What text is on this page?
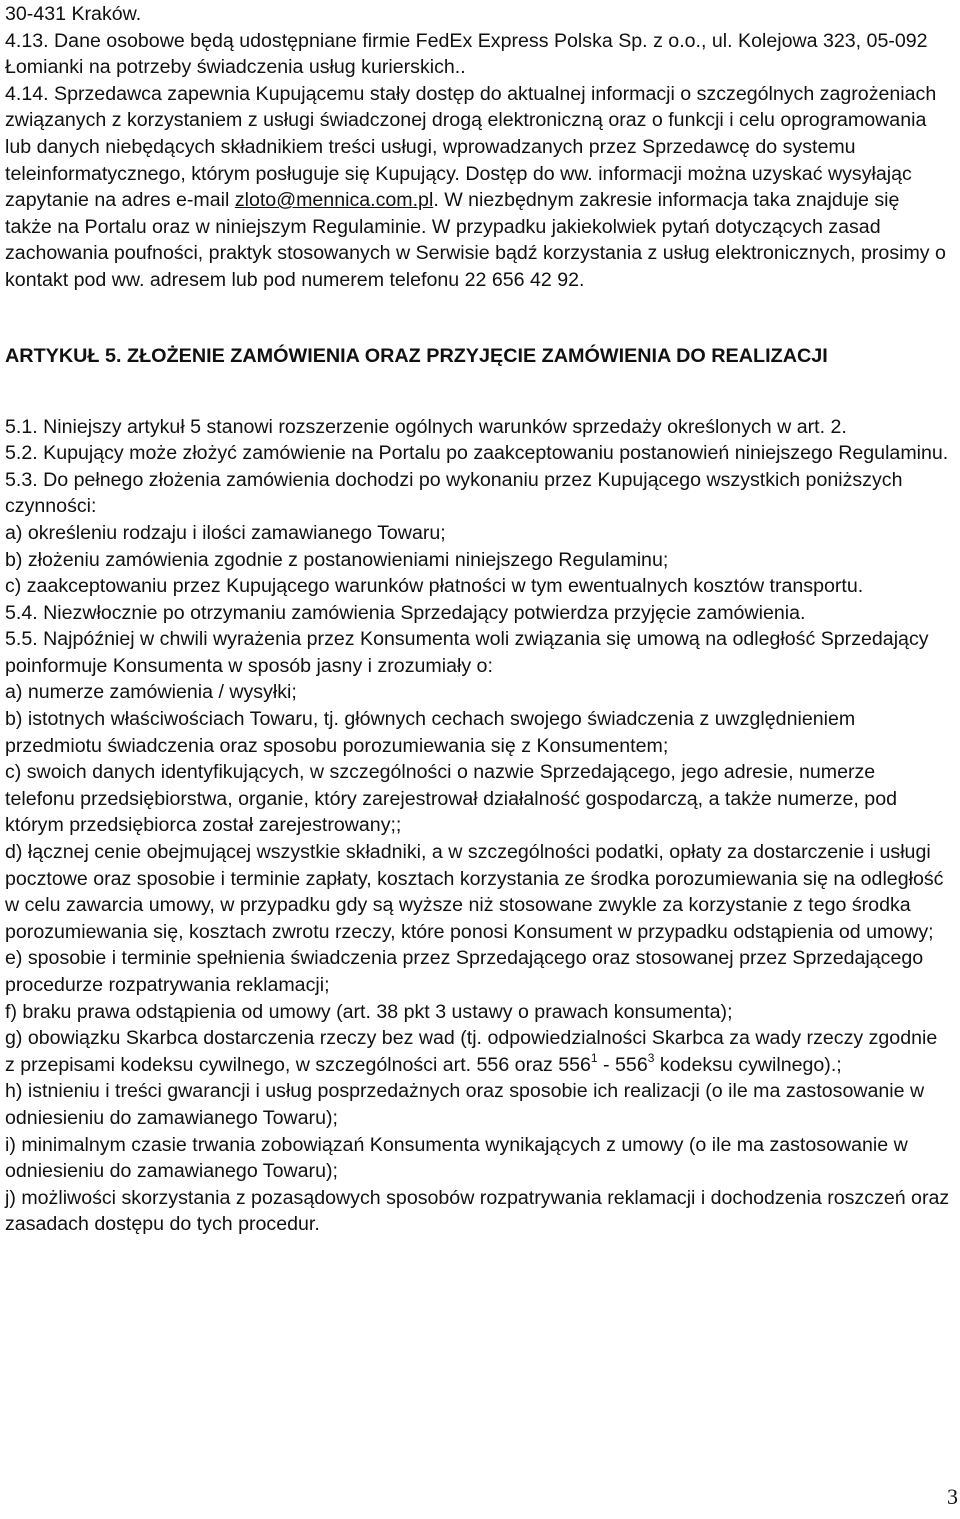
30-431 Kraków.

4.13. Dane osobowe będą udostępniane firmie FedEx Express Polska Sp. z o.o., ul. Kolejowa 323, 05-092 Łomianki na potrzeby świadczenia usług kurierskich..

4.14. Sprzedawca zapewnia Kupującemu stały dostęp do aktualnej informacji o szczególnych zagrożeniach związanych z korzystaniem z usługi świadczonej drogą elektroniczną oraz o funkcji i celu oprogramowania lub danych niebędących składnikiem treści usługi, wprowadzanych przez Sprzedawcę do systemu teleinformatycznego, którym posługuje się Kupujący. Dostęp do ww. informacji można uzyskać wysyłając zapytanie na adres e-mail zloto@mennica.com.pl. W niezbędnym zakresie informacja taka znajduje się także na Portalu oraz w niniejszym Regulaminie. W przypadku jakiekolwiek pytań dotyczących zasad zachowania poufności, praktyk stosowanych w Serwisie bądź korzystania z usług elektronicznych, prosimy o kontakt pod ww. adresem lub pod numerem telefonu 22 656 42 92.

ARTYKUŁ 5. ZŁOŻENIE ZAMÓWIENIA ORAZ PRZYJĘCIE ZAMÓWIENIA DO REALIZACJI

5.1. Niniejszy artykuł 5 stanowi rozszerzenie ogólnych warunków sprzedaży określonych w art. 2.

5.2. Kupujący może złożyć zamówienie na Portalu po zaakceptowaniu postanowień niniejszego Regulaminu.

5.3. Do pełnego złożenia zamówienia dochodzi po wykonaniu przez Kupującego wszystkich poniższych czynności:

a) określeniu rodzaju i ilości zamawianego Towaru;

b) złożeniu zamówienia zgodnie z postanowieniami niniejszego Regulaminu;

c) zaakceptowaniu przez Kupującego warunków płatności w tym ewentualnych kosztów transportu.

5.4. Niezwłocznie po otrzymaniu zamówienia Sprzedający potwierdza przyjęcie zamówienia.

5.5. Najpóźniej w chwili wyrażenia przez Konsumenta woli związania się umową na odległość Sprzedający poinformuje Konsumenta w sposób jasny i zrozumiały o:

a) numerze zamówienia / wysyłki;

b) istotnych właściwościach Towaru, tj. głównych cechach swojego świadczenia z uwzględnieniem przedmiotu świadczenia oraz sposobu porozumiewania się z Konsumentem;

c) swoich danych identyfikujących, w szczególności o nazwie Sprzedającego, jego adresie, numerze telefonu przedsiębiorstwa, organie, który zarejestrował działalność gospodarczą, a także numerze, pod którym przedsiębiorca został zarejestrowany;;

d) łącznej cenie obejmującej wszystkie składniki, a w szczególności podatki, opłaty za dostarczenie i usługi pocztowe oraz sposobie i terminie zapłaty, kosztach korzystania ze środka porozumiewania się na odległość w celu zawarcia umowy, w przypadku gdy są wyższe niż stosowane zwykle za korzystanie z tego środka porozumiewania się, kosztach zwrotu rzeczy, które ponosi Konsument w przypadku odstąpienia od umowy;

e) sposobie i terminie spełnienia świadczenia przez Sprzedającego oraz stosowanej przez Sprzedającego procedurze rozpatrywania reklamacji;

f) braku prawa odstąpienia od umowy (art. 38 pkt 3 ustawy o prawach konsumenta);

g) obowiązku Skarbca dostarczenia rzeczy bez wad (tj. odpowiedzialności Skarbca za wady rzeczy zgodnie z przepisami kodeksu cywilnego, w szczególności art. 556 oraz $556^1 - 556^3$ kodeksu cywilnego).;

h) istnieniu i treści gwarancji i usług posprzedażnych oraz sposobie ich realizacji (o ile ma zastosowanie w odniesieniu do zamawianego Towaru);

i) minimalnym czasie trwania zobowiązań Konsumenta wynikających z umowy (o ile ma zastosowanie w odniesieniu do zamawianego Towaru);

j) możliwości skorzystania z pozasądowych sposobów rozpatrywania reklamacji i dochodzenia roszczeń oraz zasadach dostępu do tych procedur.

3
